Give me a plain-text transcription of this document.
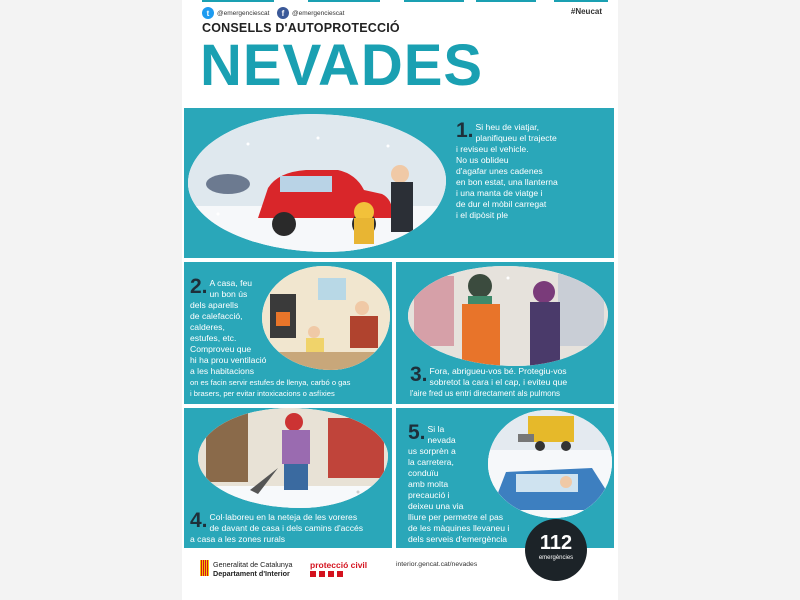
t	@emergenciescat	f	@emergenciescat	#Neucat
CONSELLS D'AUTOPROTECCIÓ
NEVADES
1. Si heu de viatjar,
planifiqueu el trajecte
i reviseu el vehicle.
No us oblideu
d'agafar unes cadenes
en bon estat, una llanterna
i una manta de viatge i
de dur el mòbil carregat
i el dipòsit ple
2. A casa, feu
un bon ús
dels aparells
de calefacció,
calderes,
estufes, etc.
Comproveu que
hi ha prou ventilació
a les habitacions
on es facin servir estufes de llenya, carbó o gas
i brasers, per evitar intoxicacions o asfíxies
3. Fora, abrigueu-vos bé. Protegiu-vos
sobretot la cara i el cap, i eviteu que
l'aire fred us entri directament als pulmons
4. Col·laboreu en la neteja de les voreres
de davant de casa i dels camins d'accés
a casa a les zones rurals
5. Si la
nevada
us sorprèn a
la carretera,
conduïu
amb molta
precaució i
deixeu una via
lliure per permetre el pas
de les màquines llevaneu i
dels serveis d'emergència	112
emergències
Generalitat de Catalunya
Departament d'Interior
protecció civil	interior.gencat.cat/nevades
